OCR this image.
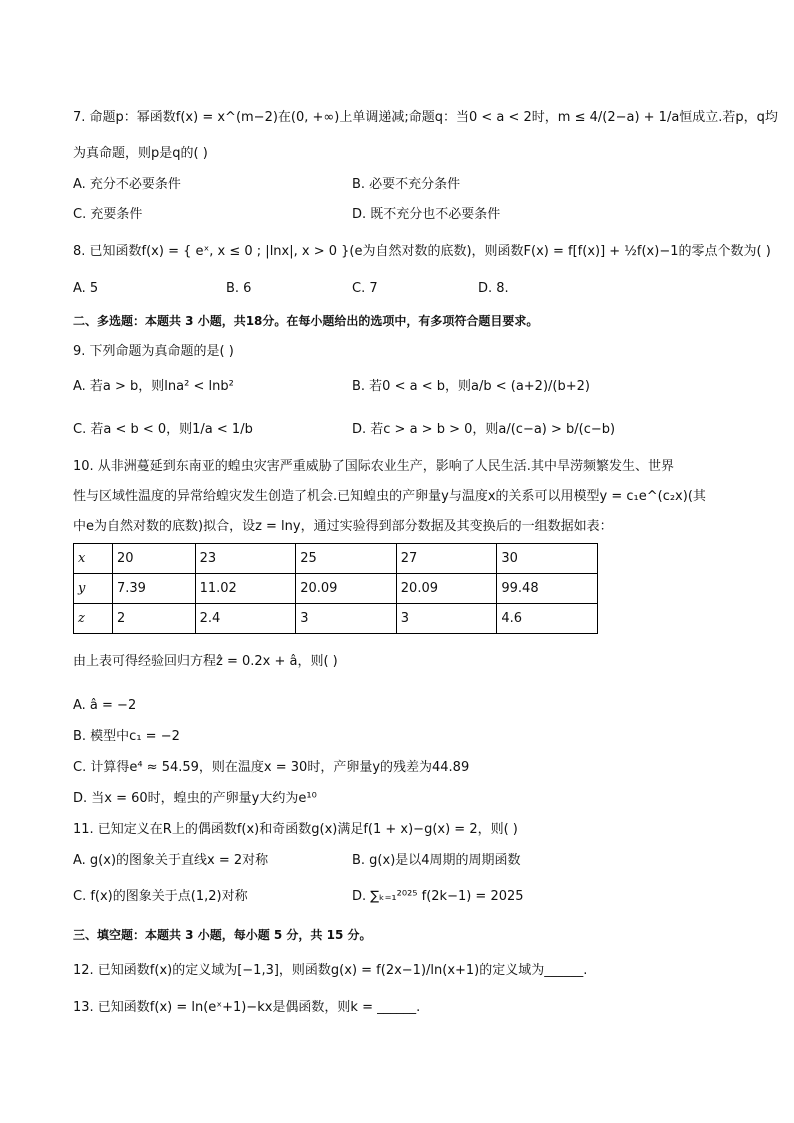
7. 命题p：幂函数f(x) = x^(m−2)在(0, +∞)上单调递减;命题q：当0 < a < 2时，m ≤ 4/(2−a) + 1/a恒成立.若p，q均
为真命题，则p是q的( )
A. 充分不必要条件	B. 必要不充分条件
C. 充要条件	D. 既不充分也不必要条件
8. 已知函数f(x) = { eˣ, x ≤ 0 ; |lnx|, x > 0 }(e为自然对数的底数)，则函数F(x) = f[f(x)] + ½f(x)−1的零点个数为( )
A. 5	B. 6	C. 7	D. 8.
二、多选题：本题共 3 小题，共18分。在每小题给出的选项中，有多项符合题目要求。
9. 下列命题为真命题的是( )
A. 若a > b，则lna² < lnb²	B. 若0 < a < b，则a/b < (a+2)/(b+2)
C. 若a < b < 0，则1/a < 1/b	D. 若c > a > b > 0，则a/(c−a) > b/(c−b)
10. 从非洲蔓延到东南亚的蝗虫灾害严重威胁了国际农业生产，影响了人民生活.其中旱涝频繁发生、世界
性与区域性温度的异常给蝗灾发生创造了机会.已知蝗虫的产卵量y与温度x的关系可以用模型y = c₁e^(c₂x)(其
中e为自然对数的底数)拟合，设z = lny，通过实验得到部分数据及其变换后的一组数据如表：
x	20	23	25	27	30
y	7.39	11.02	20.09	20.09	99.48
z	2	2.4	3	3	4.6
由上表可得经验回归方程ẑ = 0.2x + â，则( )
A. â = −2
B. 模型中c₁ = −2
C. 计算得e⁴ ≈ 54.59，则在温度x = 30时，产卵量y的残差为44.89
D. 当x = 60时，蝗虫的产卵量y大约为e¹⁰
11. 已知定义在R上的偶函数f(x)和奇函数g(x)满足f(1 + x)−g(x) = 2，则( )
A. g(x)的图象关于直线x = 2对称	B. g(x)是以4周期的周期函数
C. f(x)的图象关于点(1,2)对称	D. ∑ₖ₌₁²⁰²⁵ f(2k−1) = 2025
三、填空题：本题共 3 小题，每小题 5 分，共 15 分。
12. 已知函数f(x)的定义域为[−1,3]，则函数g(x) = f(2x−1)/ln(x+1)的定义域为______.
13. 已知函数f(x) = ln(eˣ+1)−kx是偶函数，则k = ______.
